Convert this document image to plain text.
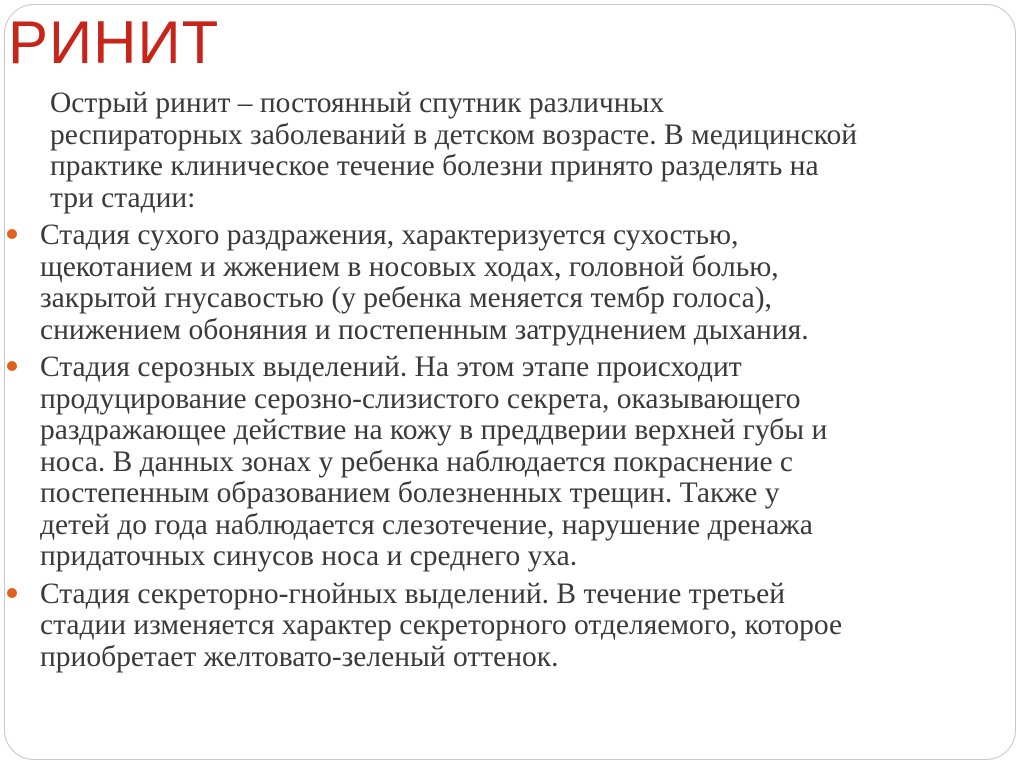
РИНИТ
Острый ринит – постоянный спутник различных
респираторных заболеваний в детском возрасте. В медицинской
практике клиническое течение болезни принято разделять на
три стадии:
Стадия сухого раздражения, характеризуется сухостью,
щекотанием и жжением в носовых ходах, головной болью,
закрытой гнусавостью (у ребенка меняется тембр голоса),
снижением обоняния и постепенным затруднением дыхания.
Стадия серозных выделений. На этом этапе происходит
продуцирование серозно-слизистого секрета, оказывающего
раздражающее действие на кожу в преддверии верхней губы и
носа. В данных зонах у ребенка наблюдается покраснение с
постепенным образованием болезненных трещин. Также у
детей до года наблюдается слезотечение, нарушение дренажа
придаточных синусов носа и среднего уха.
Стадия секреторно-гнойных выделений. В течение третьей
стадии изменяется характер секреторного отделяемого, которое
приобретает желтовато-зеленый оттенок.
